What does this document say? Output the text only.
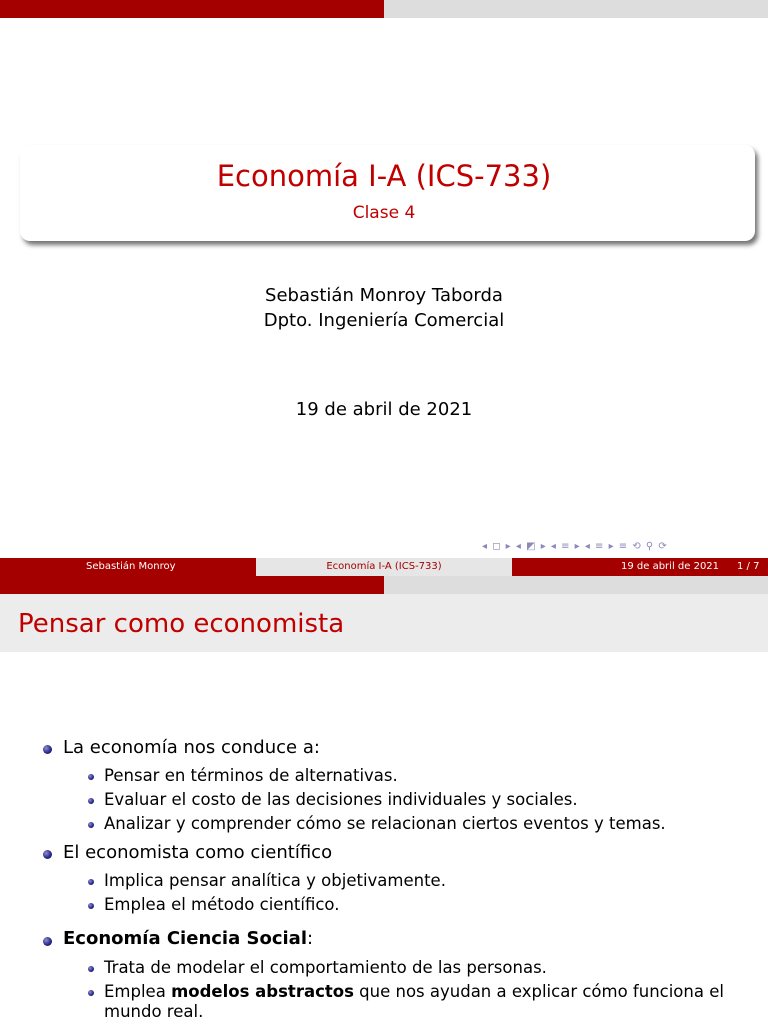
Economía I-A (ICS-733)
Clase 4
Sebastián Monroy Taborda
Dpto. Ingeniería Comercial
19 de abril de 2021
◂ ◻ ▸ ◂ ◩ ▸ ◂ ≡ ▸ ◂ ≡ ▸ ≡ ⟲ ⚲ ⟳
Sebastián Monroy	Economía I-A (ICS-733)	19 de abril de 2021 1 / 7
Pensar como economista
La economía nos conduce a:
Pensar en términos de alternativas.
Evaluar el costo de las decisiones individuales y sociales.
Analizar y comprender cómo se relacionan ciertos eventos y temas.
El economista como científico
Implica pensar analítica y objetivamente.
Emplea el método científico.
Economía Ciencia Social:
Trata de modelar el comportamiento de las personas.
Emplea modelos abstractos que nos ayudan a explicar cómo funciona el
mundo real.
